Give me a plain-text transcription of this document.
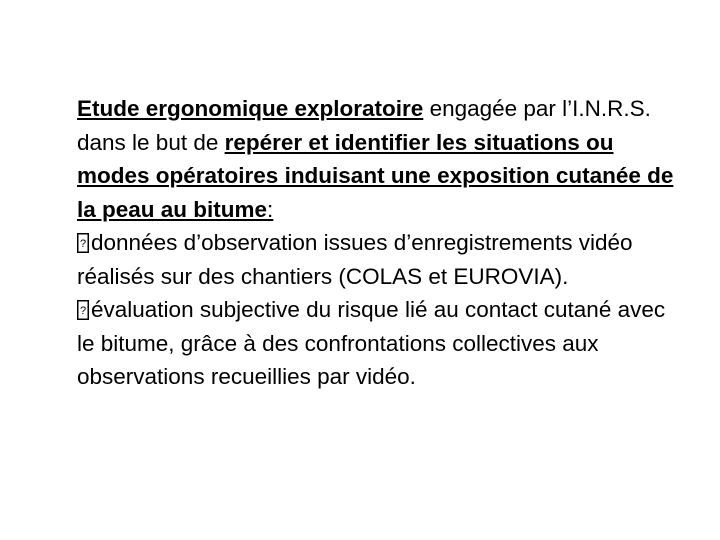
Etude ergonomique exploratoire engagée par l’I.N.R.S. dans le but de repérer et identifier les situations ou modes opératoires induisant une exposition cutanée de la peau au bitume:

? données d’observation issues d’enregistrements vidéo réalisés sur des chantiers (COLAS et EUROVIA).

? évaluation subjective du risque lié au contact cutané avec le bitume, grâce à des confrontations collectives aux observations recueillies par vidéo.
